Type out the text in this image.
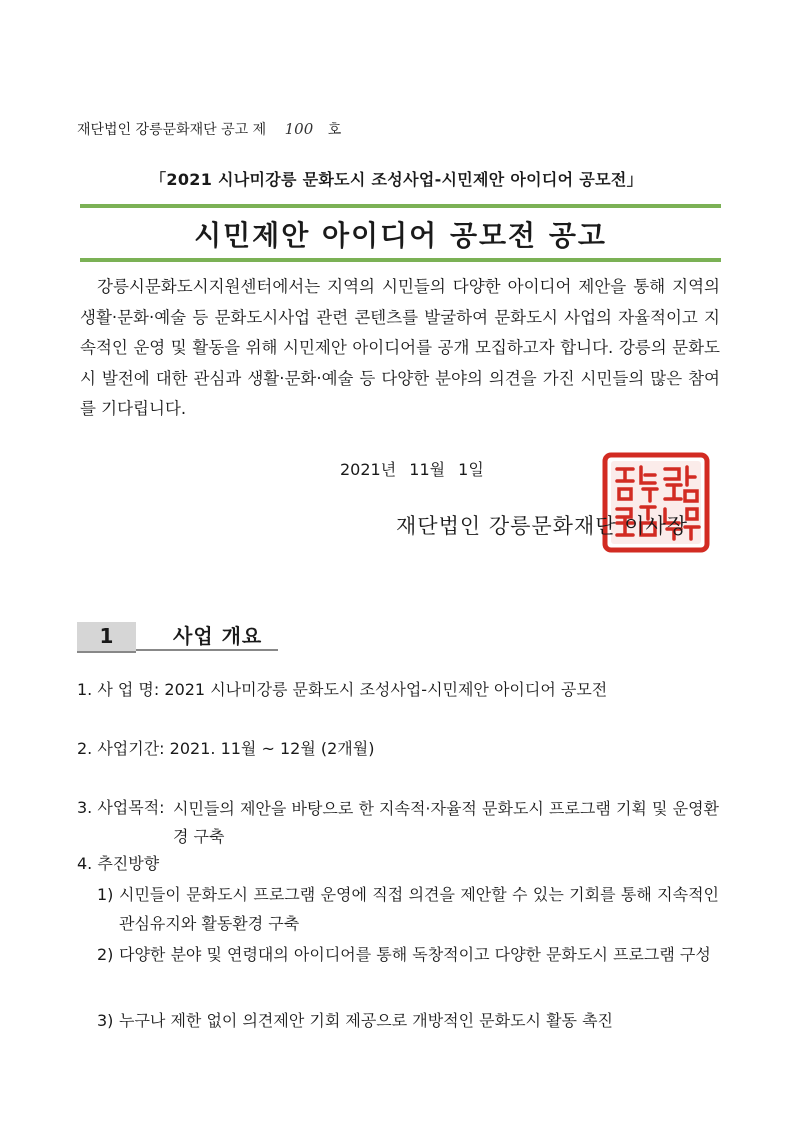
재단법인 강릉문화재단 공고 제 100 호
「2021 시나미강릉 문화도시 조성사업-시민제안 아이디어 공모전」
시민제안 아이디어 공모전 공고
강릉시문화도시지원센터에서는 지역의 시민들의 다양한 아이디어 제안을 통해 지역의 생활·문화·예술 등 문화도시사업 관련 콘텐츠를 발굴하여 문화도시 사업의 자율적이고 지속적인 운영 및 활동을 위해 시민제안 아이디어를 공개 모집하고자 합니다. 강릉의 문화도시 발전에 대한 관심과 생활·문화·예술 등 다양한 분야의 의견을 가진 시민들의 많은 참여를 기다립니다.
2021년 11월 1일
재단법인 강릉문화재단 이사장
1	사업 개요
1. 사 업 명: 2021 시나미강릉 문화도시 조성사업-시민제안 아이디어 공모전
2. 사업기간: 2021. 11월 ~ 12월 (2개월)
3. 사업목적: 시민들의 제안을 바탕으로 한 지속적·자율적 문화도시 프로그램 기획 및 운영환경 구축
4. 추진방향
1) 시민들이 문화도시 프로그램 운영에 직접 의견을 제안할 수 있는 기회를 통해 지속적인 관심유지와 활동환경 구축
2) 다양한 분야 및 연령대의 아이디어를 통해 독창적이고 다양한 문화도시 프로그램 구성
3) 누구나 제한 없이 의견제안 기회 제공으로 개방적인 문화도시 활동 촉진
